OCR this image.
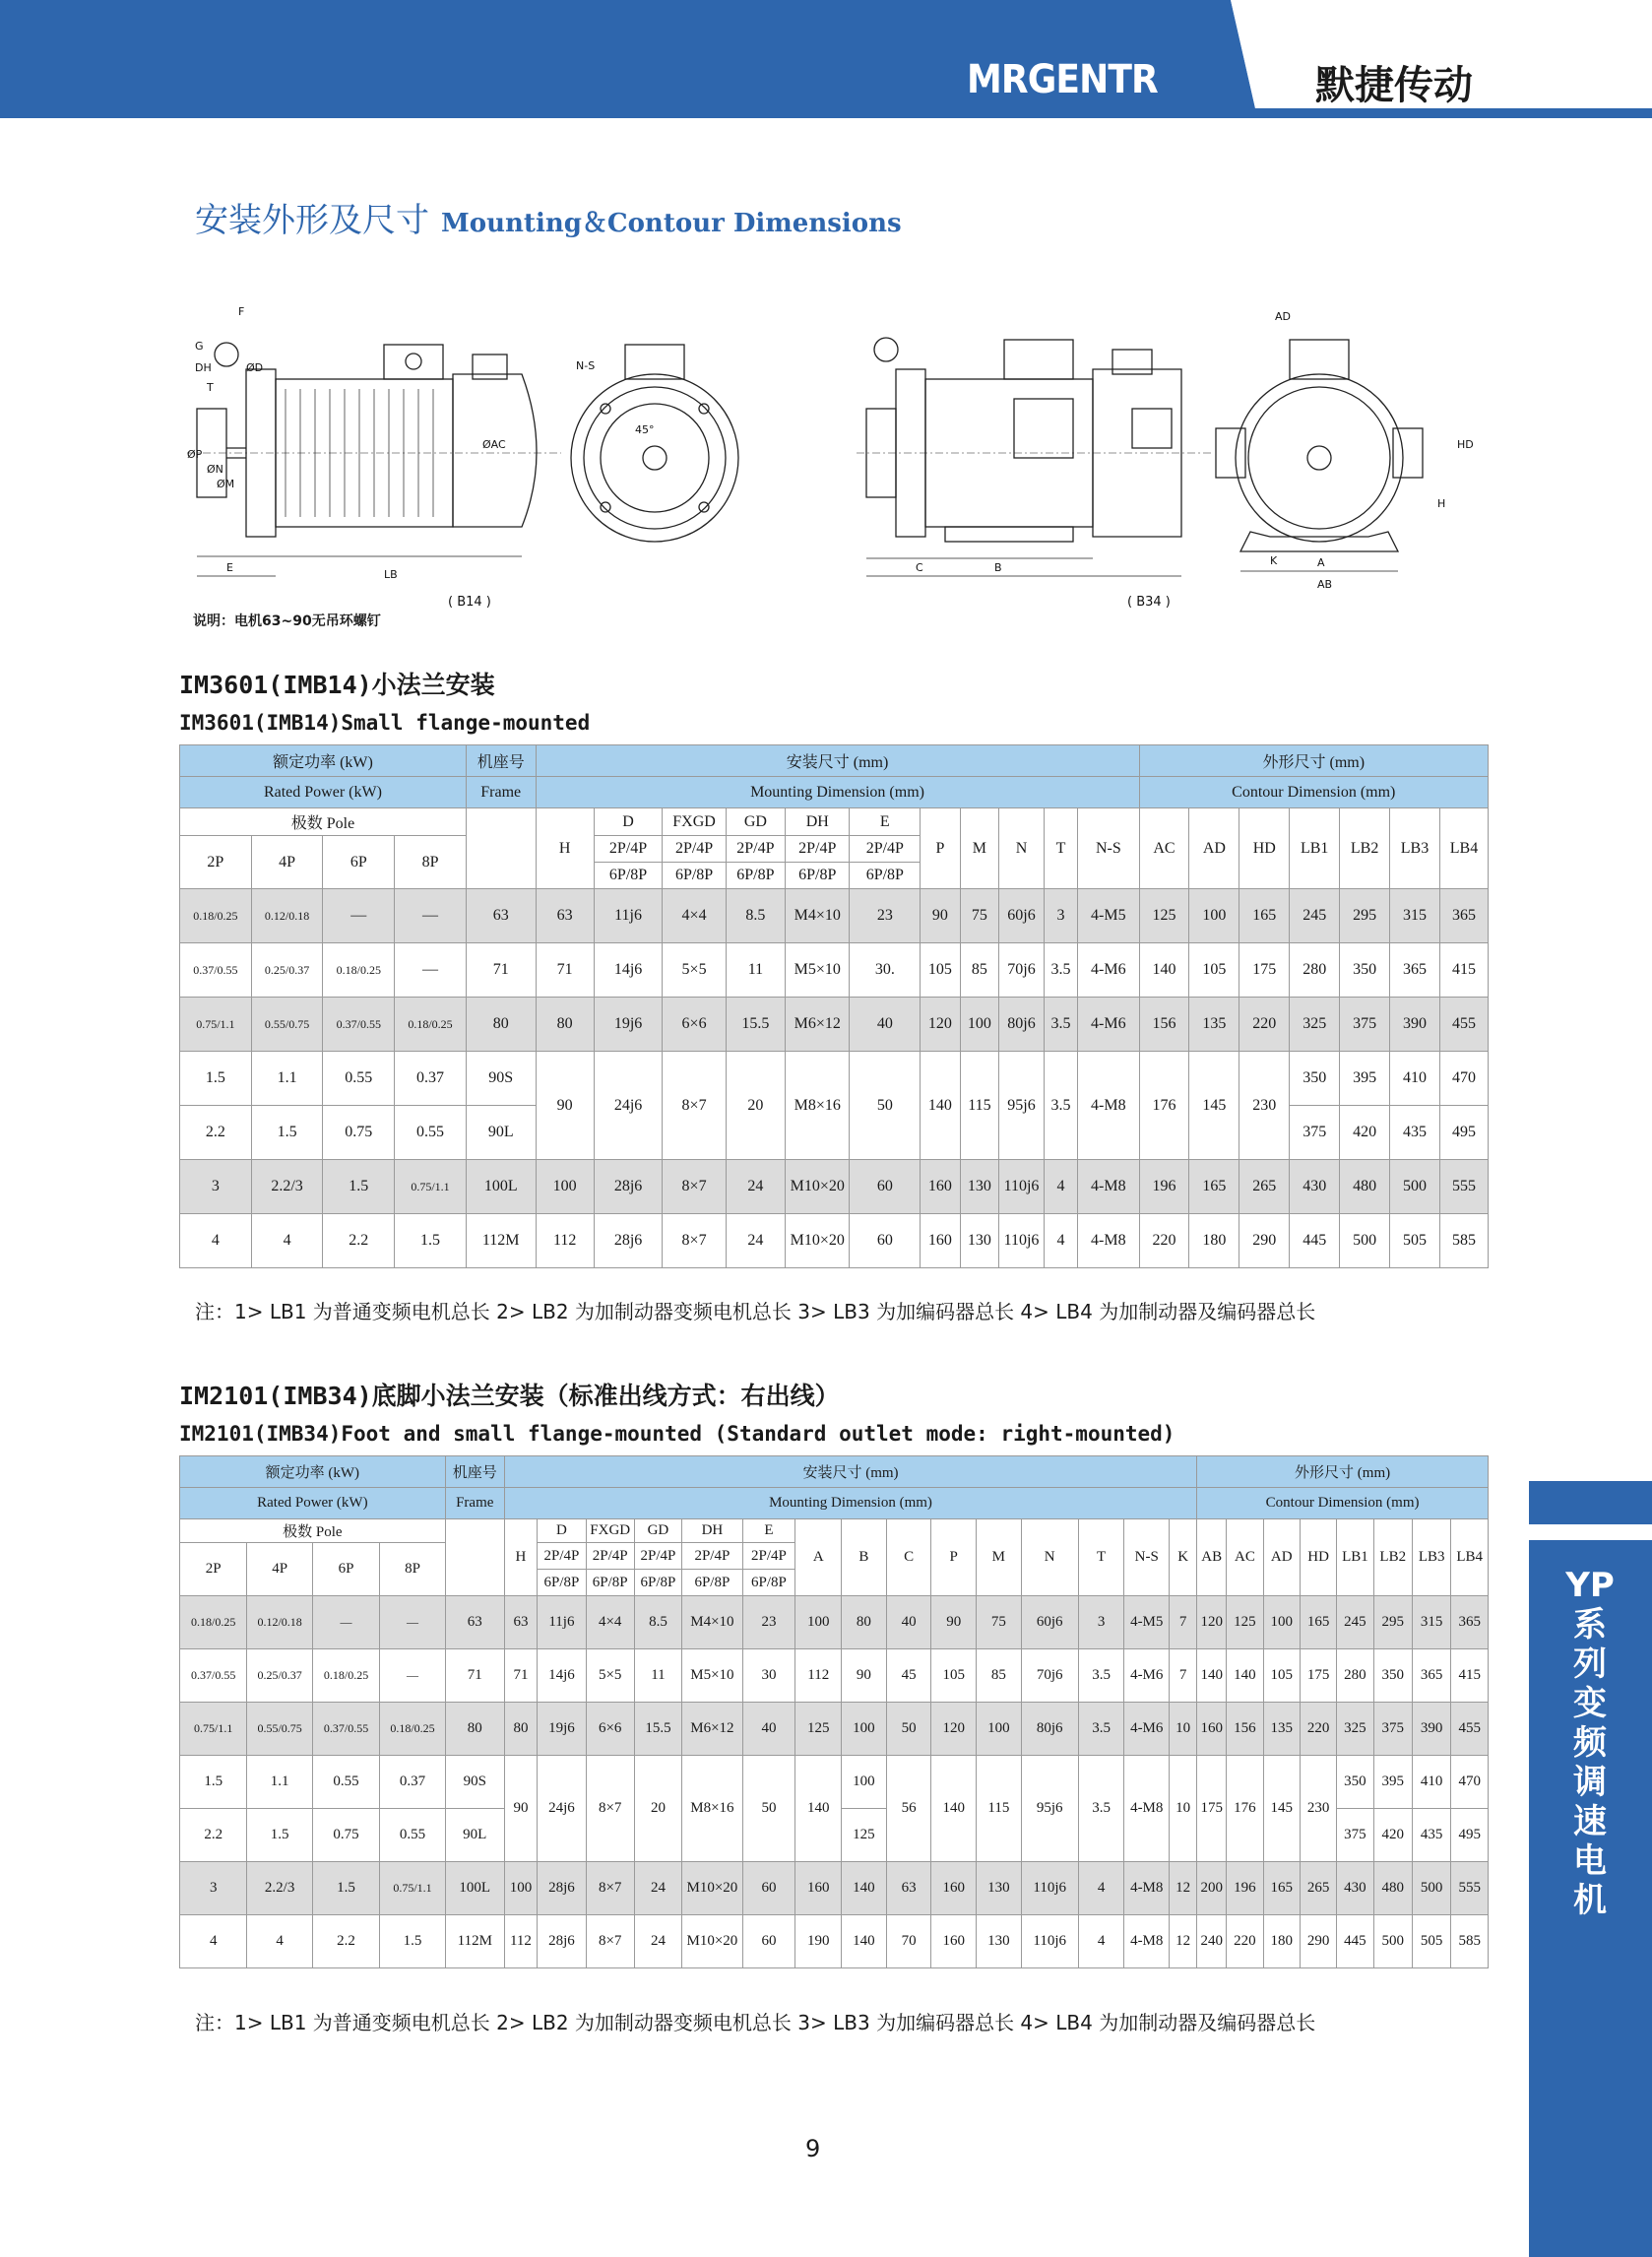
MRGENTR	默捷传动
安装外形及尺寸 Mounting＆Contour Dimensions
F
G
DH
T
ØD
ØP
ØN
ØM
ØAC
E
LB
N-S
45°
AD
HD
C	B	A
K
AB
H
( B14 )	( B34 )
说明：电机63~90无吊环螺钉
IM3601(IMB14)小法兰安装
IM3601(IMB14)Small flange-mounted
额定功率 (kW)				机座号	安装尺寸 (mm)											外形尺寸 (mm)						
Rated Power (kW)				Frame	Mounting Dimension (mm)											Contour Dimension (mm)						
极数 Pole					H	D	FXGD	GD	DH	E	P	M	N	T	N-S	AC	AD	HD	LB1	LB2	LB3	LB4
2P	4P	6P	8P			2P/4P	2P/4P	2P/4P	2P/4P	2P/4P												
						6P/8P	6P/8P	6P/8P	6P/8P	6P/8P												
0.18/0.25	0.12/0.18	—	—	63	63	11j6	4×4	8.5	M4×10	23	90	75	60j6	3	4-M5	125	100	165	245	295	315	365
0.37/0.55	0.25/0.37	0.18/0.25	—	71	71	14j6	5×5	11	M5×10	30.	105	85	70j6	3.5	4-M6	140	105	175	280	350	365	415
0.75/1.1	0.55/0.75	0.37/0.55	0.18/0.25	80	80	19j6	6×6	15.5	M6×12	40	120	100	80j6	3.5	4-M6	156	135	220	325	375	390	455
1.5	1.1	0.55	0.37	90S	90	24j6	8×7	20	M8×16	50	140	115	95j6	3.5	4-M8	176	145	230	350	395	410	470
2.2	1.5	0.75	0.55	90L															375	420	435	495
3	2.2/3	1.5	0.75/1.1	100L	100	28j6	8×7	24	M10×20	60	160	130	110j6	4	4-M8	196	165	265	430	480	500	555
4	4	2.2	1.5	112M	112	28j6	8×7	24	M10×20	60	160	130	110j6	4	4-M8	220	180	290	445	500	505	585
注：1> LB1 为普通变频电机总长 2> LB2 为加制动器变频电机总长 3> LB3 为加编码器总长 4> LB4 为加制动器及编码器总长
IM2101(IMB34)底脚小法兰安装（标准出线方式：右出线）
IM2101(IMB34)Foot and small flange-mounted (Standard outlet mode: right-mounted)
额定功率 (kW)				机座号	安装尺寸 (mm)															外形尺寸 (mm)							
Rated Power (kW)				Frame	Mounting Dimension (mm)															Contour Dimension (mm)							
极数 Pole					H	D	FXGD	GD	DH	E	A	B	C	P	M	N	T	N-S	K	AB	AC	AD	HD	LB1	LB2	LB3	LB4
2P	4P	6P	8P			2P/4P	2P/4P	2P/4P	2P/4P	2P/4P																	
						6P/8P	6P/8P	6P/8P	6P/8P	6P/8P																	
0.18/0.25	0.12/0.18	—	—	63	63	11j6	4×4	8.5	M4×10	23	100	80	40	90	75	60j6	3	4-M5	7	120	125	100	165	245	295	315	365
0.37/0.55	0.25/0.37	0.18/0.25	—	71	71	14j6	5×5	11	M5×10	30	112	90	45	105	85	70j6	3.5	4-M6	7	140	140	105	175	280	350	365	415
0.75/1.1	0.55/0.75	0.37/0.55	0.18/0.25	80	80	19j6	6×6	15.5	M6×12	40	125	100	50	120	100	80j6	3.5	4-M6	10	160	156	135	220	325	375	390	455
1.5	1.1	0.55	0.37	90S	90	24j6	8×7	20	M8×16	50	140	100	56	140	115	95j6	3.5	4-M8	10	175	176	145	230	350	395	410	470
2.2	1.5	0.75	0.55	90L								125												375	420	435	495
3	2.2/3	1.5	0.75/1.1	100L	100	28j6	8×7	24	M10×20	60	160	140	63	160	130	110j6	4	4-M8	12	200	196	165	265	430	480	500	555
4	4	2.2	1.5	112M	112	28j6	8×7	24	M10×20	60	190	140	70	160	130	110j6	4	4-M8	12	240	220	180	290	445	500	505	585
注：1> LB1 为普通变频电机总长 2> LB2 为加制动器变频电机总长 3> LB3 为加编码器总长 4> LB4 为加制动器及编码器总长
YP系列变频调速电机
9
